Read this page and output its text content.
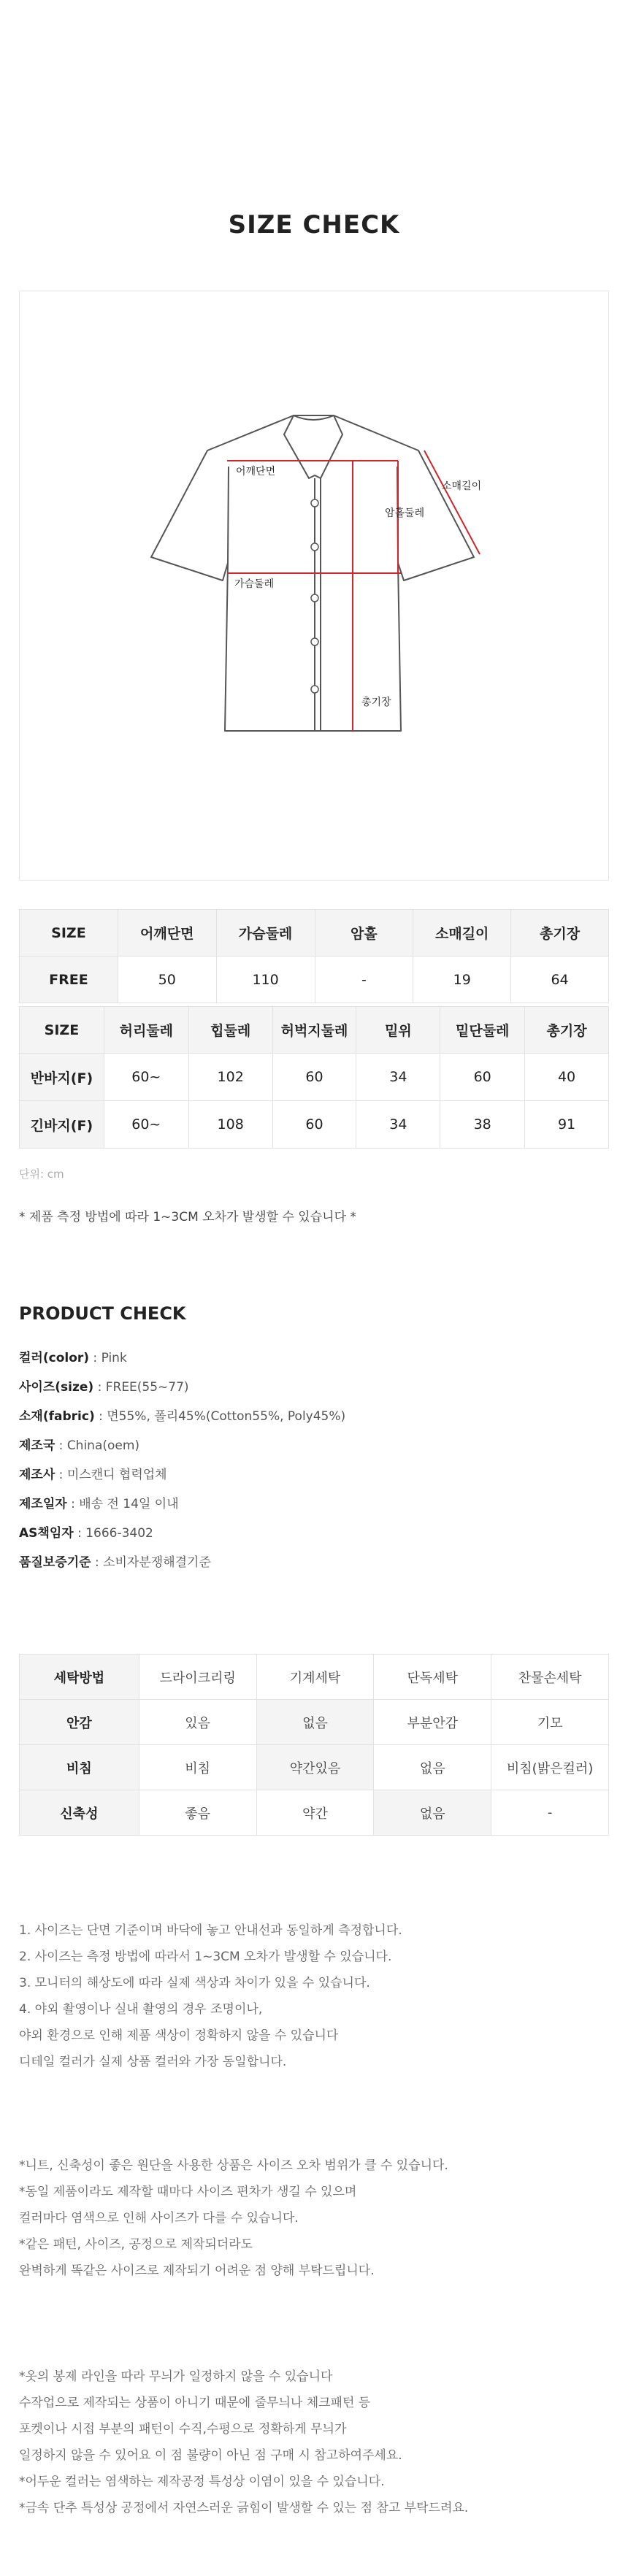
SIZE CHECK
어깨단면
암홀둘레
소매길이
가슴둘레
총기장
SIZE	어깨단면	가슴둘레	암홀	소매길이	총기장
FREE	50	110	-	19	64
SIZE	허리둘레	힙둘레	허벅지둘레	밑위	밑단둘레	총기장
반바지(F)	60~	102	60	34	60	40
긴바지(F)	60~	108	60	34	38	91
단위: cm
* 제품 측정 방법에 따라 1~3CM 오차가 발생할 수 있습니다 *
PRODUCT CHECK
컬러(color) : Pink
사이즈(size) : FREE(55~77)
소재(fabric) : 면55%, 폴리45%(Cotton55%, Poly45%)
제조국 : China(oem)
제조사 : 미스캔디 협력업체
제조일자 : 배송 전 14일 이내
AS책임자 : 1666-3402
품질보증기준 : 소비자분쟁해결기준
세탁방법	드라이크리링	기계세탁	단독세탁	찬물손세탁
안감	있음	없음	부분안감	기모
비침	비침	약간있음	없음	비침(밝은컬러)
신축성	좋음	약간	없음	-
1. 사이즈는 단면 기준이며 바닥에 놓고 안내선과 동일하게 측정합니다.
2. 사이즈는 측정 방법에 따라서 1~3CM 오차가 발생할 수 있습니다.
3. 모니터의 해상도에 따라 실제 색상과 차이가 있을 수 있습니다.
4. 야외 촬영이나 실내 촬영의 경우 조명이나,
야외 환경으로 인해 제품 색상이 정확하지 않을 수 있습니다
디테일 컬러가 실제 상품 컬러와 가장 동일합니다.
*니트, 신축성이 좋은 원단을 사용한 상품은 사이즈 오차 범위가 클 수 있습니다.
*동일 제품이라도 제작할 때마다 사이즈 편차가 생길 수 있으며
컬러마다 염색으로 인해 사이즈가 다를 수 있습니다.
*같은 패턴, 사이즈, 공정으로 제작되더라도
완벽하게 똑같은 사이즈로 제작되기 어려운 점 양해 부탁드립니다.
*옷의 봉제 라인을 따라 무늬가 일정하지 않을 수 있습니다
수작업으로 제작되는 상품이 아니기 때문에 줄무늬나 체크패턴 등
포켓이나 시접 부분의 패턴이 수직,수평으로 정확하게 무늬가
일정하지 않을 수 있어요 이 점 불량이 아닌 점 구매 시 참고하여주세요.
*어두운 컬러는 염색하는 제작공정 특성상 이염이 있을 수 있습니다.
*금속 단추 특성상 공정에서 자연스러운 긁힘이 발생할 수 있는 점 참고 부탁드려요.
